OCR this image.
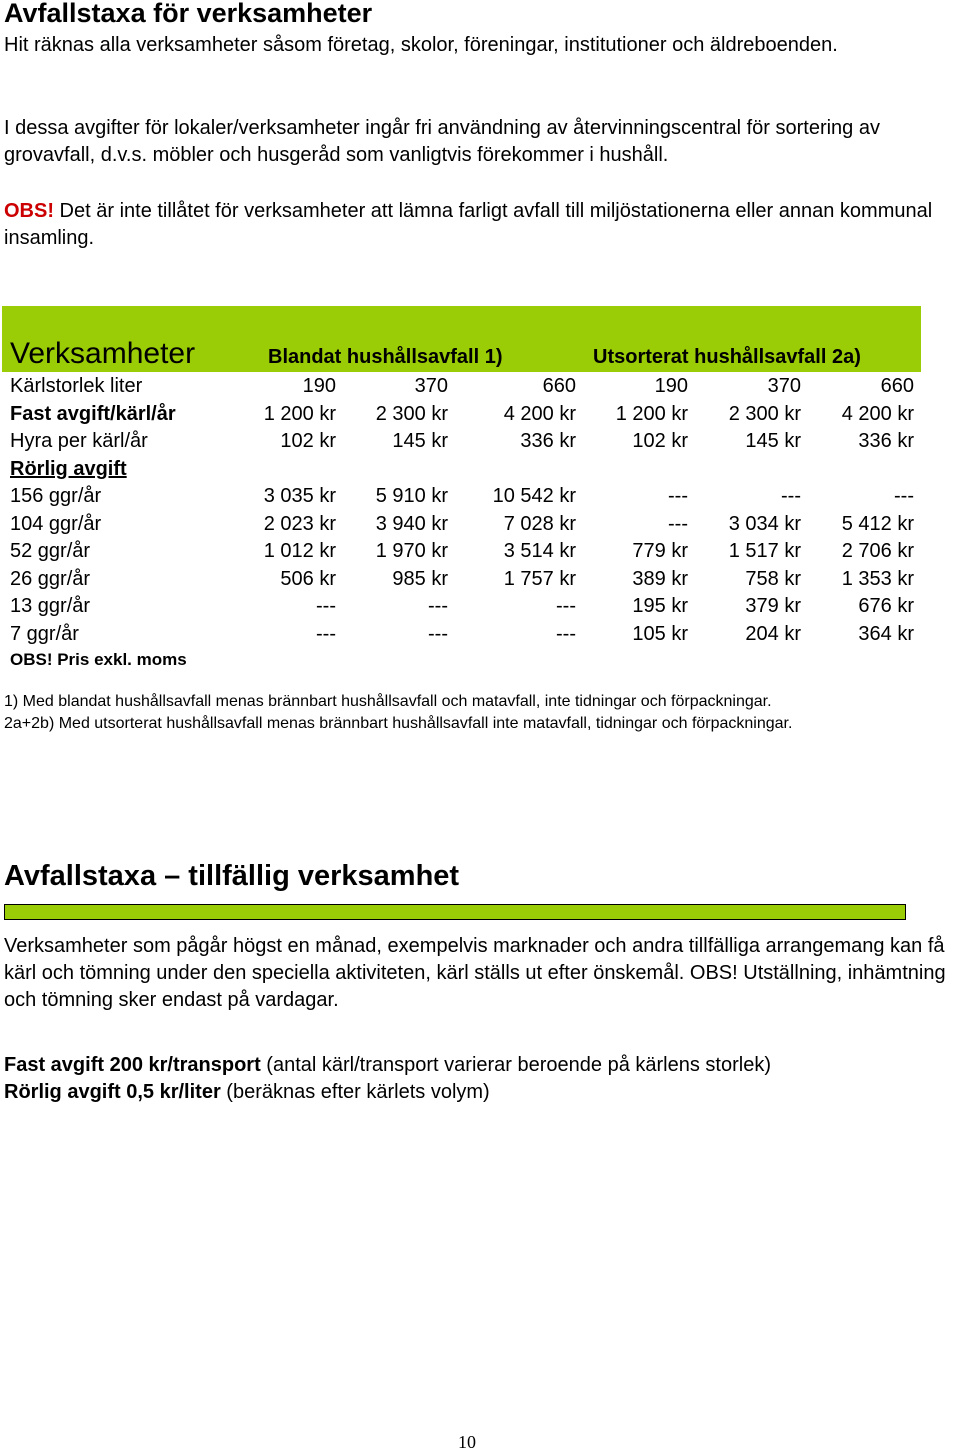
Avfallstaxa för verksamheter
Hit räknas alla verksamheter såsom företag, skolor, föreningar, institutioner och äldreboenden.
I dessa avgifter för lokaler/verksamheter ingår fri användning av återvinningscentral för sortering av grovavfall, d.v.s. möbler och husgeråd som vanligtvis förekommer i hushåll.
OBS! Det är inte tillåtet för verksamheter att lämna farligt avfall till miljöstationerna eller annan kommunal insamling.
Verksamheter	Blandat hushållsavfall 1)	Utsorterat hushållsavfall 2a)
Kärlstorlek liter	190	370	660	190	370	660
Fast avgift/kärl/år	1 200 kr	2 300 kr	4 200 kr	1 200 kr	2 300 kr	4 200 kr
Hyra per kärl/år	102 kr	145 kr	336 kr	102 kr	145 kr	336 kr
Rörlig avgift
156 ggr/år	3 035 kr	5 910 kr	10 542 kr	---	---	---
104 ggr/år	2 023 kr	3 940 kr	7 028 kr	---	3 034 kr	5 412 kr
52 ggr/år	1 012 kr	1 970 kr	3 514 kr	779 kr	1 517 kr	2 706 kr
26 ggr/år	506 kr	985 kr	1 757 kr	389 kr	758 kr	1 353 kr
13 ggr/år	---	---	---	195 kr	379 kr	676 kr
7 ggr/år	---	---	---	105 kr	204 kr	364 kr
OBS! Pris exkl. moms
1) Med blandat hushållsavfall menas brännbart hushållsavfall och matavfall, inte tidningar och förpackningar.
2a+2b) Med utsorterat hushållsavfall menas brännbart hushållsavfall inte matavfall, tidningar och förpackningar.
Avfallstaxa – tillfällig verksamhet
Verksamheter som pågår högst en månad, exempelvis marknader och andra tillfälliga arrangemang kan få kärl och tömning under den speciella aktiviteten, kärl ställs ut efter önskemål. OBS! Utställning, inhämtning och tömning sker endast på vardagar.
Fast avgift 200 kr/transport (antal kärl/transport varierar beroende på kärlens storlek)
Rörlig avgift 0,5 kr/liter (beräknas efter kärlets volym)
10
